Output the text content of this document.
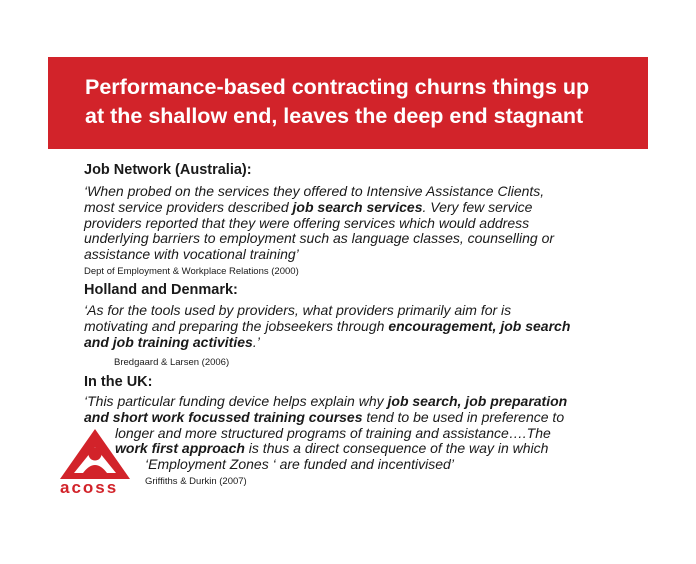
Performance-based contracting churns things up
at the shallow end, leaves the deep end stagnant
Job Network (Australia):
‘When probed on the services they offered to Intensive Assistance Clients,
most service providers described job search services. Very few service
providers reported that they were offering services which would address
underlying barriers to employment such as language classes, counselling or
assistance with vocational training’

Dept of Employment & Workplace Relations (2000)

Holland and Denmark:
‘As for the tools used by providers, what providers primarily aim for is
motivating and preparing the jobseekers through encouragement, job search
and job training activities.’

Bredgaard & Larsen (2006)

In the UK:
‘This particular funding device helps explain why job search, job preparation
and short work focussed training courses tend to be used in preference to
longer and more structured programs of training and assistance….The
work first approach is thus a direct consequence of the way in which
‘Employment Zones ‘ are funded and incentivised’

Griffiths & Durkin (2007)

acoss
